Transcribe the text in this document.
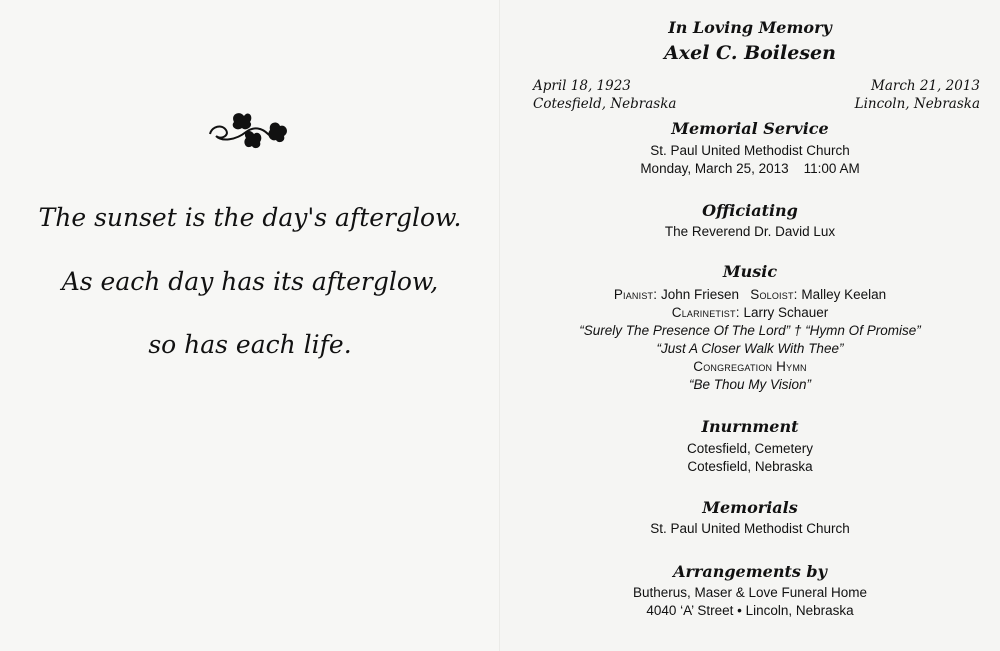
The sunset is the day's afterglow.
As each day has its afterglow,
so has each life.
In Loving Memory
Axel C. Boilesen
April 18, 1923
Cotesfield, Nebraska
March 21, 2013
Lincoln, Nebraska
Memorial Service
St. Paul United Methodist Church
Monday, March 25, 2013    11:00 AM
Officiating
The Reverend Dr. David Lux
Music
Pianist: John Friesen Soloist: Malley Keelan
Clarinetist: Larry Schauer
“Surely The Presence Of The Lord” † “Hymn Of Promise”
“Just A Closer Walk With Thee”
Congregation Hymn
“Be Thou My Vision”
Inurnment
Cotesfield, Cemetery
Cotesfield, Nebraska
Memorials
St. Paul United Methodist Church
Arrangements by
Butherus, Maser & Love Funeral Home
4040 ‘A’ Street • Lincoln, Nebraska
